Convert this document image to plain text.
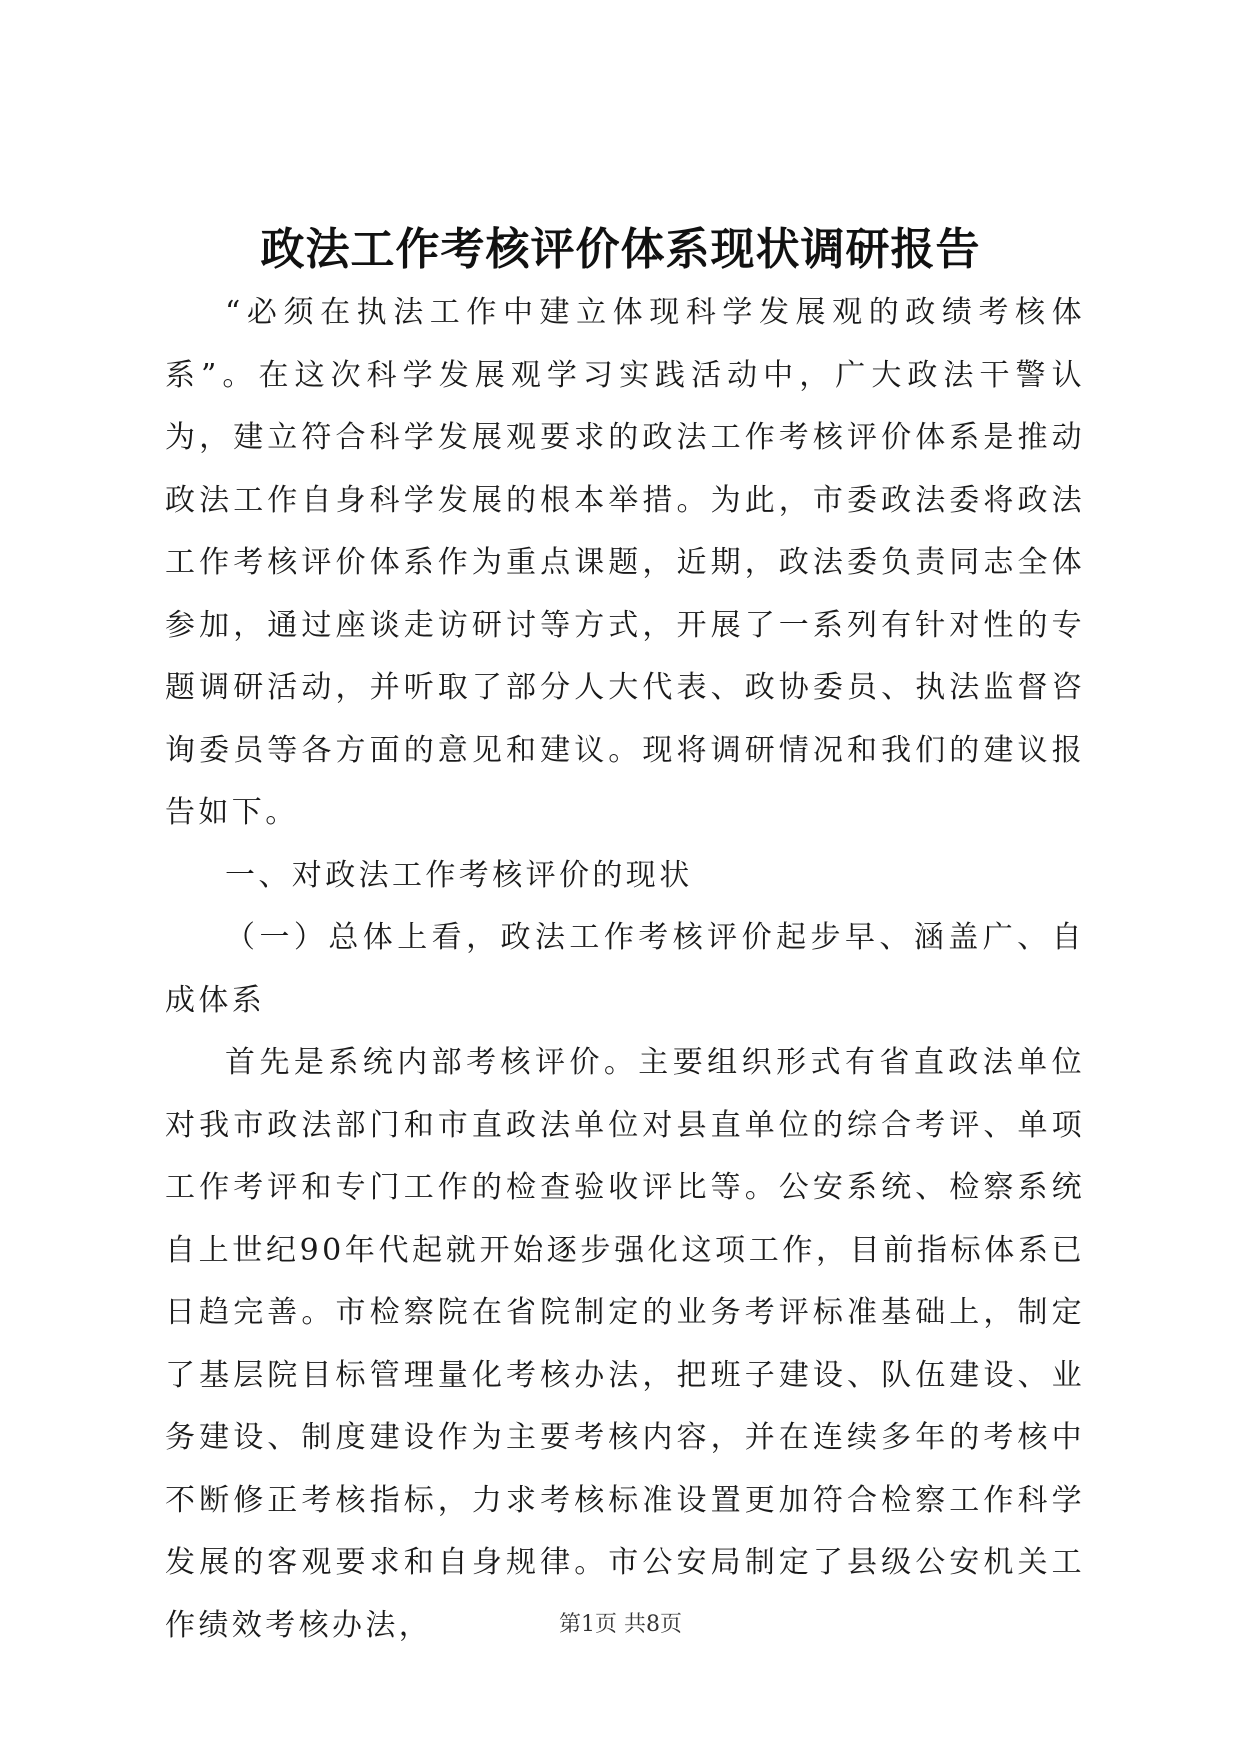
政法工作考核评价体系现状调研报告

“必须在执法工作中建立体现科学发展观的政绩考核体系”。在这次科学发展观学习实践活动中，广大政法干警认为，建立符合科学发展观要求的政法工作考核评价体系是推动政法工作自身科学发展的根本举措。为此，市委政法委将政法工作考核评价体系作为重点课题，近期，政法委负责同志全体参加，通过座谈走访研讨等方式，开展了一系列有针对性的专题调研活动，并听取了部分人大代表、政协委员、执法监督咨询委员等各方面的意见和建议。现将调研情况和我们的建议报告如下。

一、对政法工作考核评价的现状

（一）总体上看，政法工作考核评价起步早、涵盖广、自成体系

首先是系统内部考核评价。主要组织形式有省直政法单位对我市政法部门和市直政法单位对县直单位的综合考评、单项工作考评和专门工作的检查验收评比等。公安系统、检察系统自上世纪90年代起就开始逐步强化这项工作，目前指标体系已日趋完善。市检察院在省院制定的业务考评标准基础上，制定了基层院目标管理量化考核办法，把班子建设、队伍建设、业务建设、制度建设作为主要考核内容，并在连续多年的考核中不断修正考核指标，力求考核标准设置更加符合检察工作科学发展的客观要求和自身规律。市公安局制定了县级公安机关工作绩效考核办法，	第1页 共8页
